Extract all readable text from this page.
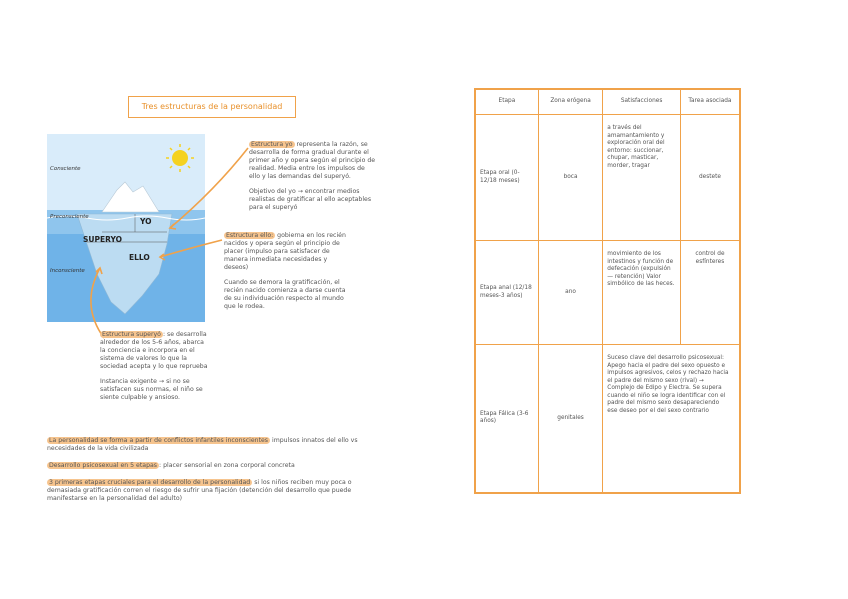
Tres estructuras de la personalidad
Consciente
Preconsciente
Inconsciente
YO
SUPERYO
ELLO
Estructura yo representa la razón, se desarrolla de forma gradual durante el primer año y opera según el principio de realidad. Media entre los impulsos de ello y las demandas del superyó.
Objetivo del yo → encontrar medios realistas de gratificar al ello aceptables para el superyó
Estructura ello: gobierna en los recién nacidos y opera según el principio de placer (impulso para satisfacer de manera inmediata necesidades y deseos)
Cuando se demora la gratificación, el recién nacido comienza a darse cuenta de su individuación respecto al mundo que le rodea.
Estructura superyó : se desarrolla alrededor de los 5-6 años, abarca la conciencia e incorpora en el sistema de valores lo que la sociedad acepta y lo que reprueba
Instancia exigente → si no se satisfacen sus normas, el niño se siente culpable y ansioso.
La personalidad se forma a partir de conflictos infantiles inconscientes impulsos innatos del ello vs necesidades de la vida civilizada
Desarrollo psicosexual en 5 etapas : placer sensorial en zona corporal concreta
3 primeras etapas cruciales para el desarrollo de la personalidad si los niños reciben muy poca o demasiada gratificación corren el riesgo de sufrir una fijación (detención del desarrollo que puede manifestarse en la personalidad del adulto)
Etapa	Zona erógena	Satisfacciones	Tarea asociada
Etapa oral (0-12/18 meses)	boca	a través del amamantamiento y exploración oral del entorno: succionar, chupar, masticar, morder, tragar	destete
Etapa anal (12/18 meses-3 años)	ano	movimiento de los intestinos y función de defecación (expulsión — retención) Valor simbólico de las heces.	control de esfínteres
Etapa Fálica (3-6 años)	genitales	Suceso clave del desarrollo psicosexual: Apego hacia el padre del sexo opuesto e impulsos agresivos, celos y rechazo hacia el padre del mismo sexo (rival) → Complejo de Edipo y Electra. Se supera cuando el niño se logra identificar con el padre del mismo sexo desapareciendo ese deseo por el del sexo contrario	
